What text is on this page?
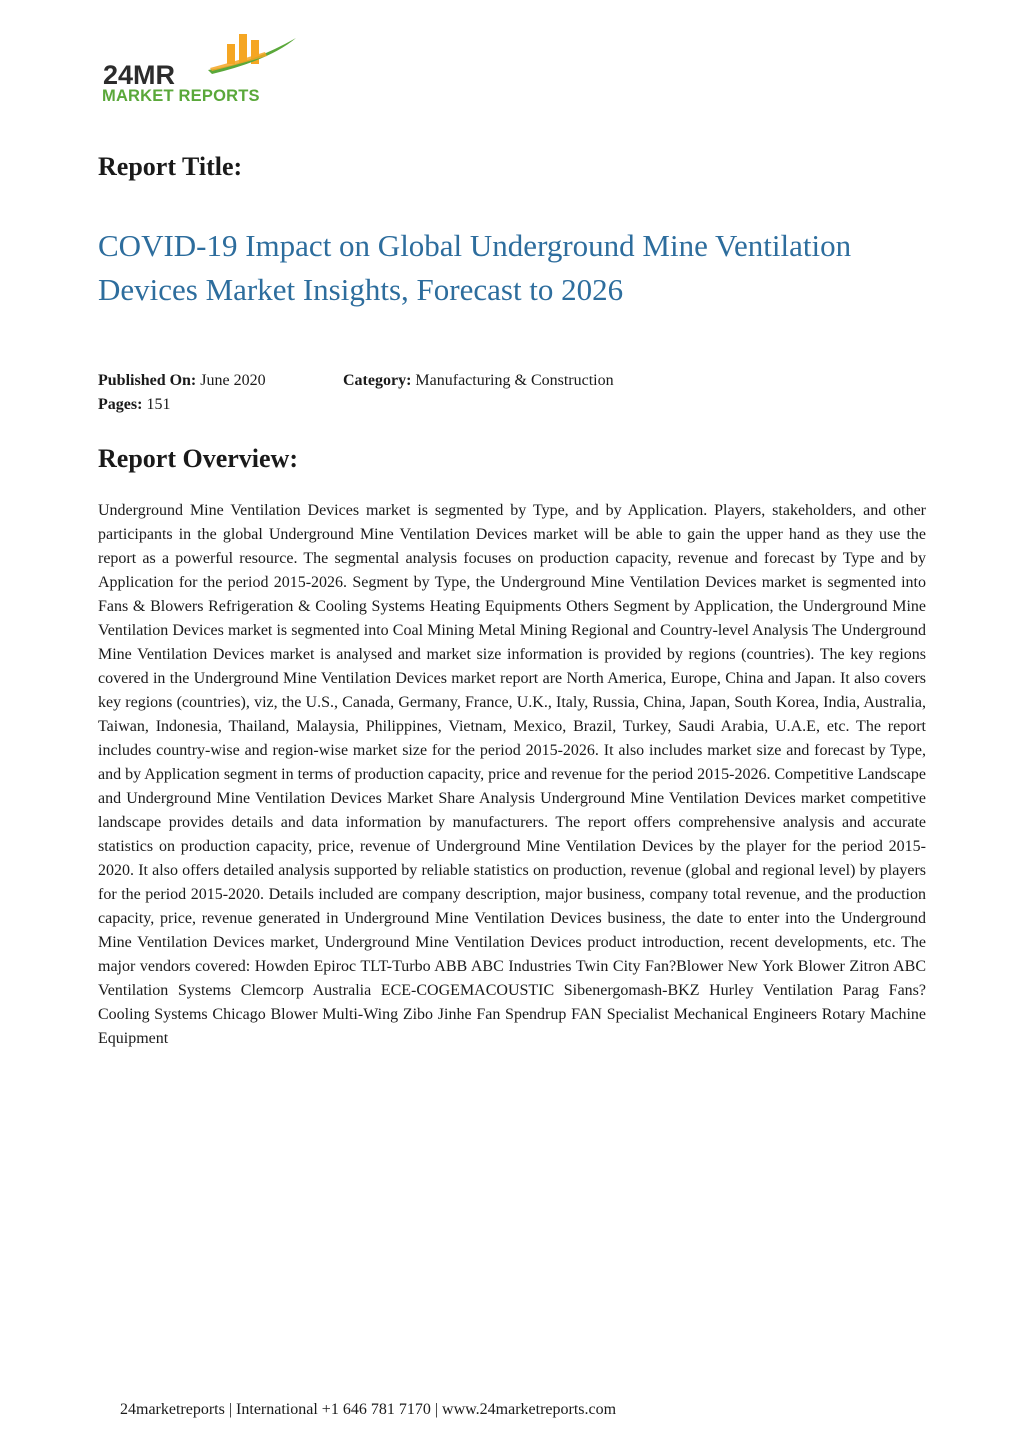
24MR
MARKET REPORTS
Report Title:
COVID-19 Impact on Global Underground Mine Ventilation Devices Market Insights, Forecast to 2026
Published On: June 2020	Category: Manufacturing & Construction
Pages: 151
Report Overview:

Underground Mine Ventilation Devices market is segmented by Type, and by Application. Players, stakeholders, and other participants in the global Underground Mine Ventilation Devices market will be able to gain the upper hand as they use the report as a powerful resource. The segmental analysis focuses on production capacity, revenue and forecast by Type and by Application for the period 2015-2026. Segment by Type, the Underground Mine Ventilation Devices market is segmented into Fans & Blowers Refrigeration & Cooling Systems Heating Equipments Others Segment by Application, the Underground Mine Ventilation Devices market is segmented into Coal Mining Metal Mining Regional and Country-level Analysis The Underground Mine Ventilation Devices market is analysed and market size information is provided by regions (countries). The key regions covered in the Underground Mine Ventilation Devices market report are North America, Europe, China and Japan. It also covers key regions (countries), viz, the U.S., Canada, Germany, France, U.K., Italy, Russia, China, Japan, South Korea, India, Australia, Taiwan, Indonesia, Thailand, Malaysia, Philippines, Vietnam, Mexico, Brazil, Turkey, Saudi Arabia, U.A.E, etc. The report includes country-wise and region-wise market size for the period 2015-2026. It also includes market size and forecast by Type, and by Application segment in terms of production capacity, price and revenue for the period 2015-2026. Competitive Landscape and Underground Mine Ventilation Devices Market Share Analysis Underground Mine Ventilation Devices market competitive landscape provides details and data information by manufacturers. The report offers comprehensive analysis and accurate statistics on production capacity, price, revenue of Underground Mine Ventilation Devices by the player for the period 2015-2020. It also offers detailed analysis supported by reliable statistics on production, revenue (global and regional level) by players for the period 2015-2020. Details included are company description, major business, company total revenue, and the production capacity, price, revenue generated in Underground Mine Ventilation Devices business, the date to enter into the Underground Mine Ventilation Devices market, Underground Mine Ventilation Devices product introduction, recent developments, etc. The major vendors covered: Howden Epiroc TLT-Turbo ABB ABC Industries Twin City Fan?Blower New York Blower Zitron ABC Ventilation Systems Clemcorp Australia ECE-COGEMACOUSTIC Sibenergomash-BKZ Hurley Ventilation Parag Fans?Cooling Systems Chicago Blower Multi-Wing Zibo Jinhe Fan Spendrup FAN Specialist Mechanical Engineers Rotary Machine Equipment

24marketreports | International +1 646 781 7170 | www.24marketreports.com
